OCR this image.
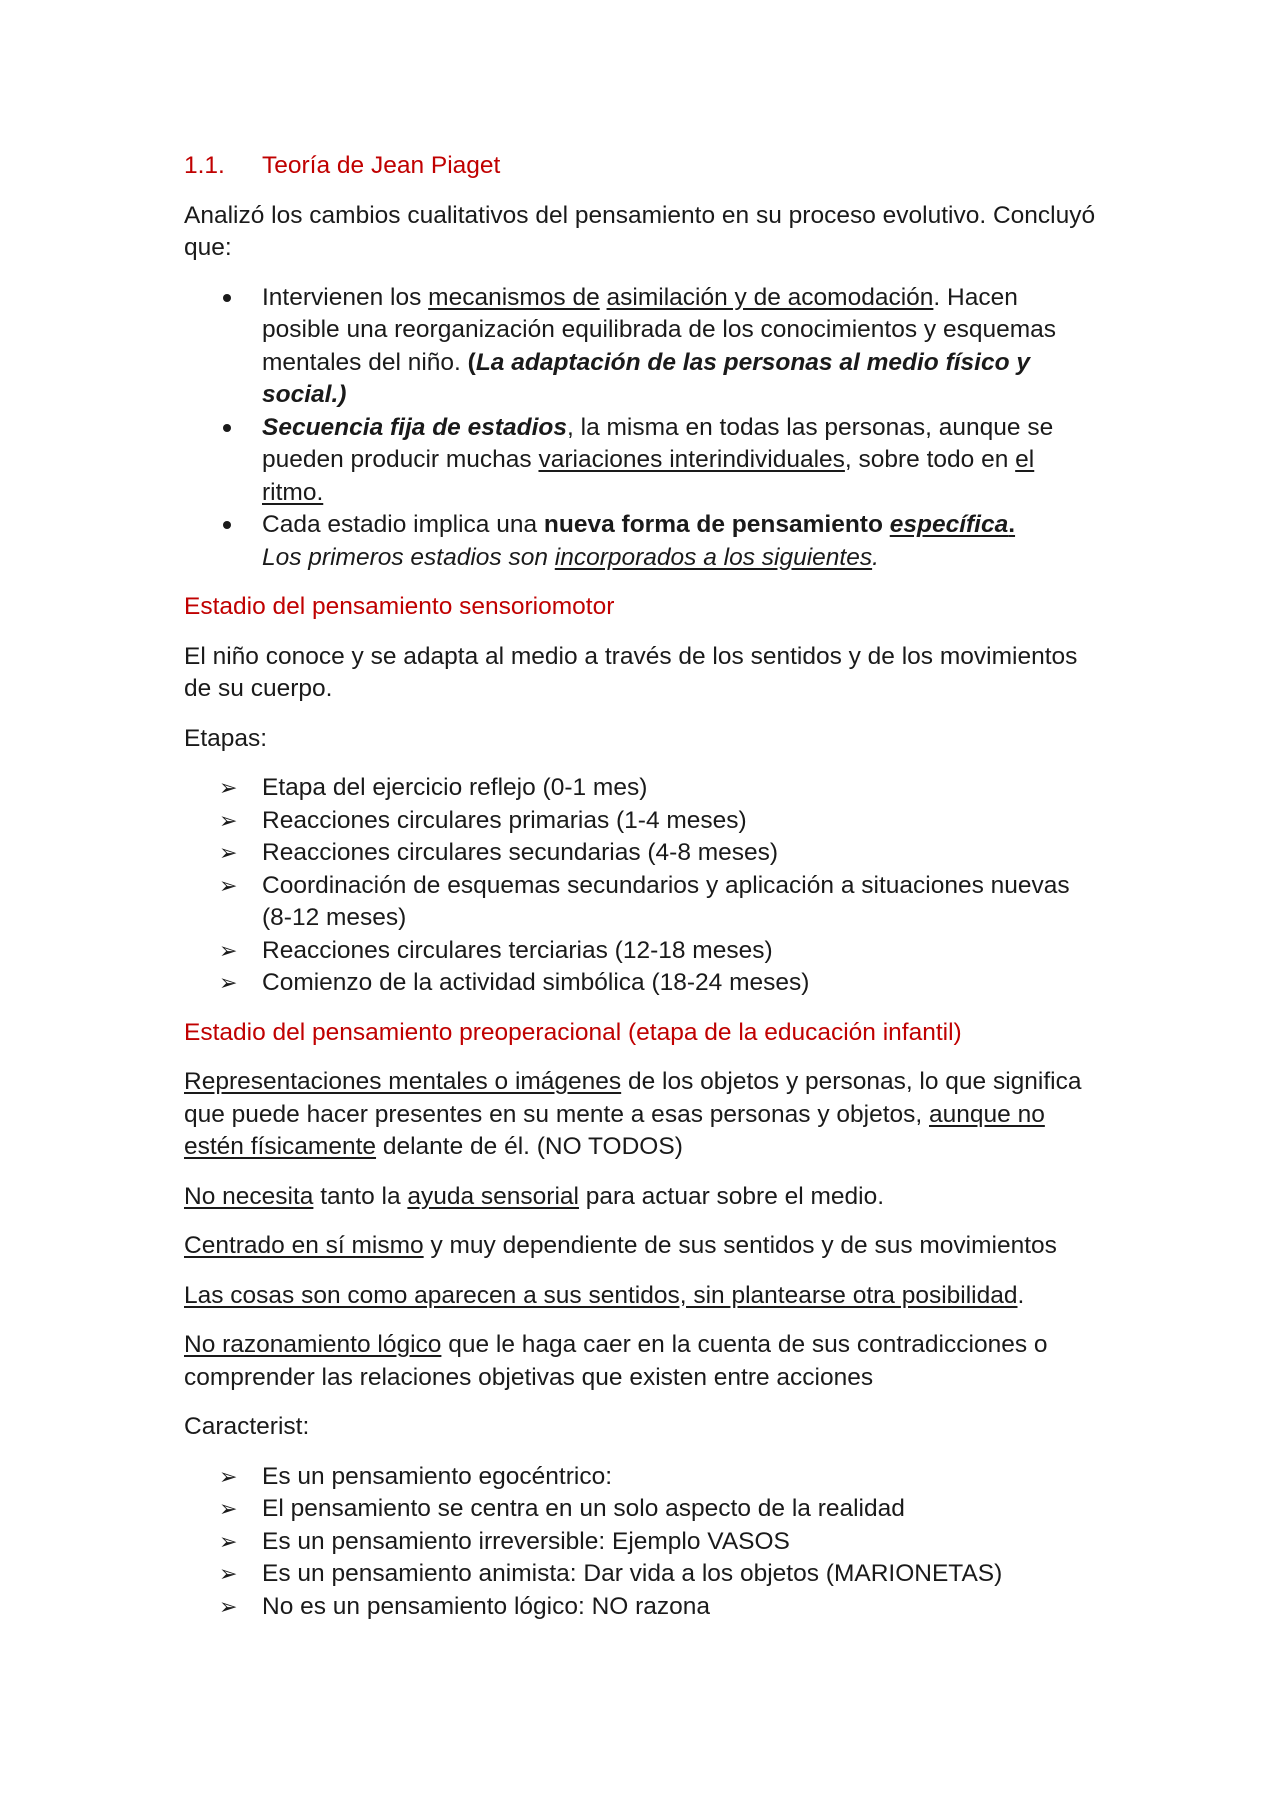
1.1. Teoría de Jean Piaget

Analizó los cambios cualitativos del pensamiento en su proceso evolutivo. Concluyó que:

Intervienen los mecanismos de asimilación y de acomodación. Hacen posible una reorganización equilibrada de los conocimientos y esquemas mentales del niño. (La adaptación de las personas al medio físico y social.)
Secuencia fija de estadios, la misma en todas las personas, aunque se pueden producir muchas variaciones interindividuales, sobre todo en el ritmo.
Cada estadio implica una nueva forma de pensamiento específica.
Los primeros estadios son incorporados a los siguientes.
Estadio del pensamiento sensoriomotor

El niño conoce y se adapta al medio a través de los sentidos y de los movimientos de su cuerpo.

Etapas:

➢	Etapa del ejercicio reflejo (0-1 mes)
➢	Reacciones circulares primarias (1-4 meses)
➢	Reacciones circulares secundarias (4-8 meses)
➢	Coordinación de esquemas secundarios y aplicación a situaciones nuevas (8-12 meses)
➢	Reacciones circulares terciarias (12-18 meses)
➢	Comienzo de la actividad simbólica (18-24 meses)
Estadio del pensamiento preoperacional (etapa de la educación infantil)

Representaciones mentales o imágenes de los objetos y personas, lo que significa que puede hacer presentes en su mente a esas personas y objetos, aunque no estén físicamente delante de él. (NO TODOS)

No necesita tanto la ayuda sensorial para actuar sobre el medio.

Centrado en sí mismo y muy dependiente de sus sentidos y de sus movimientos

Las cosas son como aparecen a sus sentidos, sin plantearse otra posibilidad.

No razonamiento lógico que le haga caer en la cuenta de sus contradicciones o comprender las relaciones objetivas que existen entre acciones

Caracterist:

➢	Es un pensamiento egocéntrico:
➢	El pensamiento se centra en un solo aspecto de la realidad
➢	Es un pensamiento irreversible: Ejemplo VASOS
➢	Es un pensamiento animista: Dar vida a los objetos (MARIONETAS)
➢	No es un pensamiento lógico: NO razona
